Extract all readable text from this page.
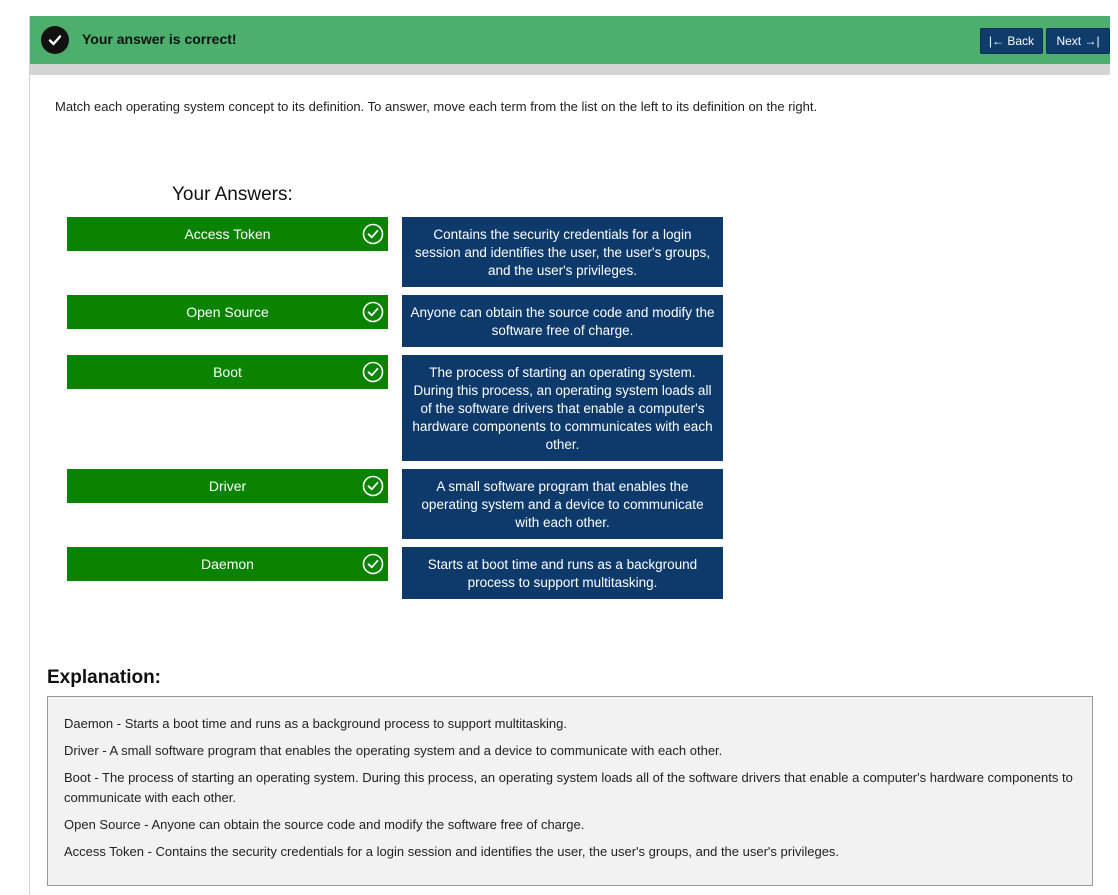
Your answer is correct!	|← Back	Next →|
Match each operating system concept to its definition. To answer, move each term from the list on the left to its definition on the right.
Your Answers:
Access Token	Contains the security credentials for a login session and identifies the user, the user's groups, and the user's privileges.
Open Source	Anyone can obtain the source code and modify the software free of charge.
Boot	The process of starting an operating system. During this process, an operating system loads all of the software drivers that enable a computer's hardware components to communicates with each other.
Driver	A small software program that enables the operating system and a device to communicate with each other.
Daemon	Starts at boot time and runs as a background process to support multitasking.
Explanation:
Daemon - Starts a boot time and runs as a background process to support multitasking.
Driver - A small software program that enables the operating system and a device to communicate with each other.
Boot - The process of starting an operating system. During this process, an operating system loads all of the software drivers that enable a computer's hardware components to communicate with each other.
Open Source - Anyone can obtain the source code and modify the software free of charge.
Access Token - Contains the security credentials for a login session and identifies the user, the user's groups, and the user's privileges.
